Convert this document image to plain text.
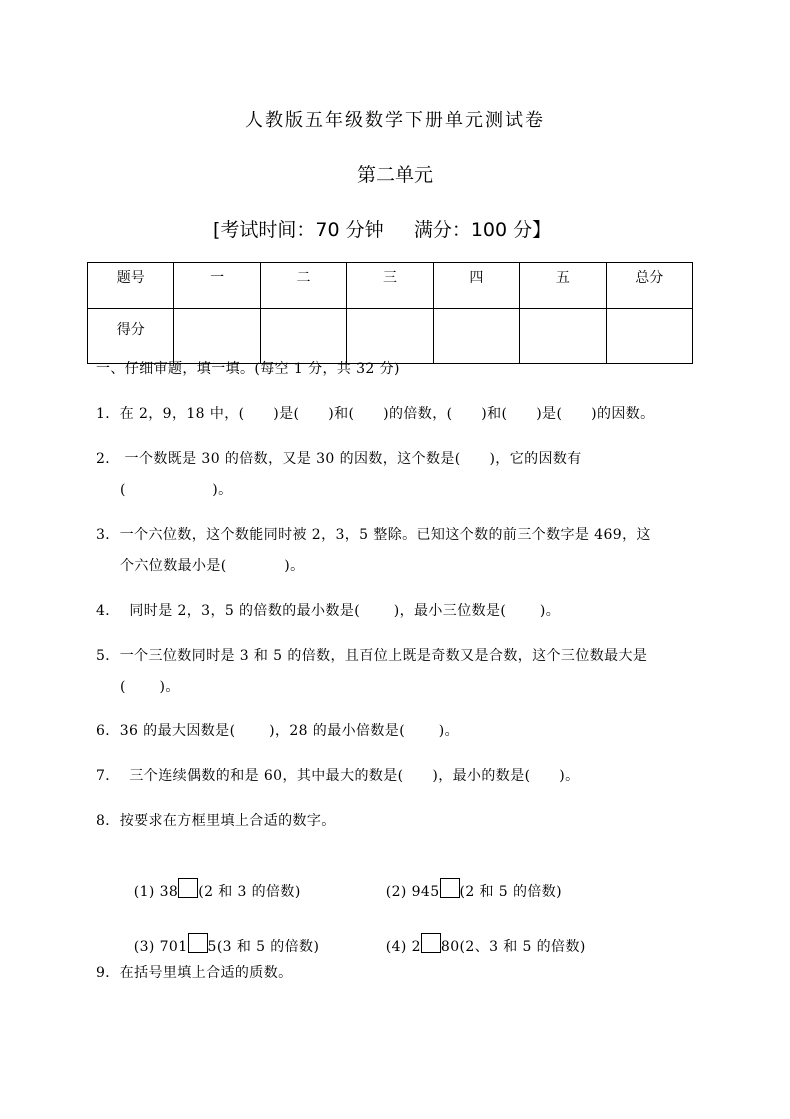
人教版五年级数学下册单元测试卷
第二单元
[考试时间：70 分钟     满分：100 分】
题号	一	二	三	四	五	总分
得分						
一、仔细审题，填一填。(每空 1 分，共 32 分)
1．在 2，9，18 中，(　　)是(　　)和(　　)的倍数，(　　)和(　　)是(　　)的因数。
2． 一个数既是 30 的倍数，又是 30 的因数，这个数是(　　)，它的因数有
(　　　　　　)。
3．一个六位数，这个数能同时被 2，3，5 整除。已知这个数的前三个数字是 469，这
个六位数最小是(　　　　)。
4．  同时是 2，3，5 的倍数的最小数是(　　 )，最小三位数是(　　 )。
5．一个三位数同时是 3 和 5 的倍数，且百位上既是奇数又是合数，这个三位数最大是
(　　 )。
6．36 的最大因数是(　　 )，28 的最小倍数是(　　 )。
7．  三个连续偶数的和是 60，其中最大的数是(　　)，最小的数是(　　)。
8．按要求在方框里填上合适的数字。

(1) 38 (2 和 3 的倍数)	(2) 945 (2 和 5 的倍数)

(3) 701 5(3 和 5 的倍数)	(4) 2 80(2、3 和 5 的倍数)

9．在括号里填上合适的质数。
